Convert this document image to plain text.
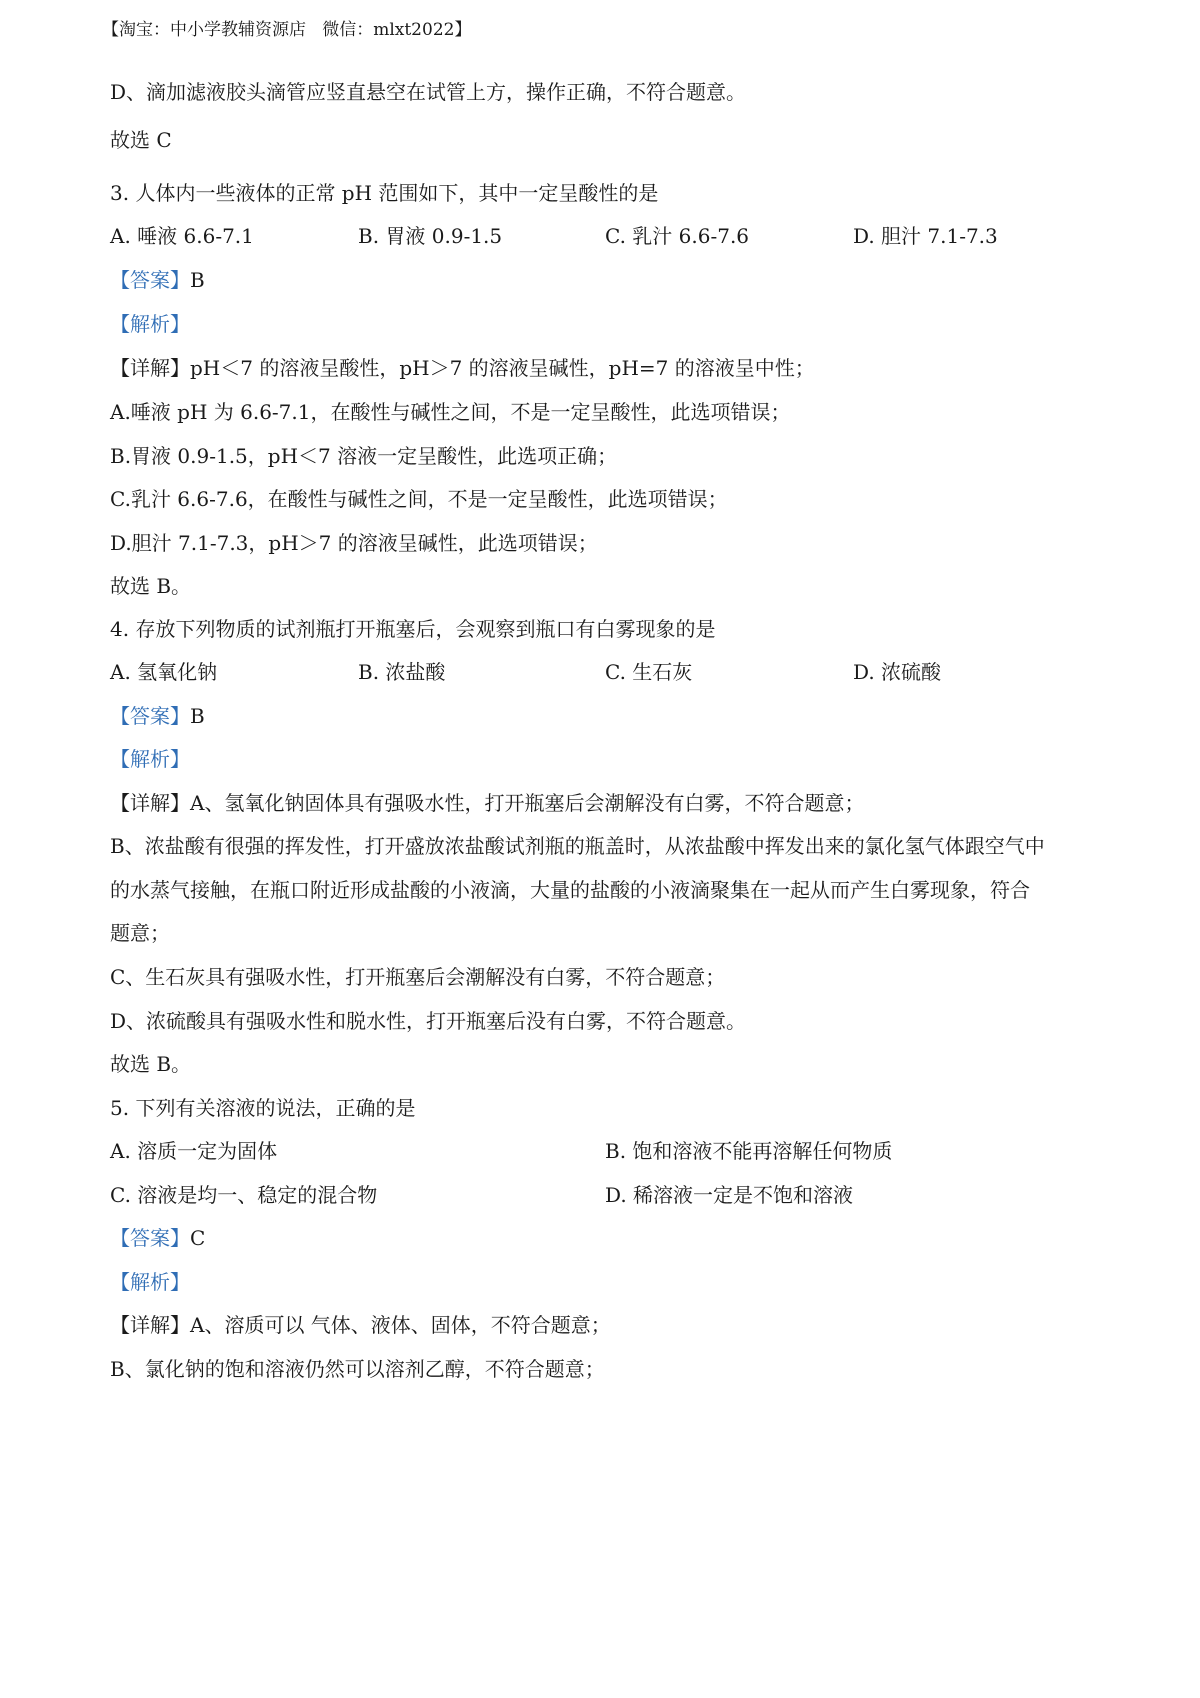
【淘宝：中小学教辅资源店   微信：mlxt2022】
D、滴加滤液胶头滴管应竖直悬空在试管上方，操作正确，不符合题意。
故选 C
3. 人体内一些液体的正常 pH 范围如下，其中一定呈酸性的是
A. 唾液 6.6-7.1	B. 胃液 0.9-1.5	C. 乳汁 6.6-7.6	D. 胆汁 7.1-7.3
【答案】B
【解析】
【详解】pH＜7 的溶液呈酸性，pH＞7 的溶液呈碱性，pH=7 的溶液呈中性；
A.唾液 pH 为 6.6-7.1，在酸性与碱性之间，不是一定呈酸性，此选项错误；
B.胃液 0.9-1.5，pH＜7 溶液一定呈酸性，此选项正确；
C.乳汁 6.6-7.6，在酸性与碱性之间，不是一定呈酸性，此选项错误；
D.胆汁 7.1-7.3，pH＞7 的溶液呈碱性，此选项错误；
故选 B。
4. 存放下列物质的试剂瓶打开瓶塞后，会观察到瓶口有白雾现象的是
A. 氢氧化钠	B. 浓盐酸	C. 生石灰	D. 浓硫酸
【答案】B
【解析】
【详解】A、氢氧化钠固体具有强吸水性，打开瓶塞后会潮解没有白雾，不符合题意；
B、浓盐酸有很强的挥发性，打开盛放浓盐酸试剂瓶的瓶盖时，从浓盐酸中挥发出来的氯化氢气体跟空气中
的水蒸气接触，在瓶口附近形成盐酸的小液滴，大量的盐酸的小液滴聚集在一起从而产生白雾现象，符合
题意；
C、生石灰具有强吸水性，打开瓶塞后会潮解没有白雾，不符合题意；
D、浓硫酸具有强吸水性和脱水性，打开瓶塞后没有白雾，不符合题意。
故选 B。
5. 下列有关溶液的说法，正确的是
A. 溶质一定为固体	B. 饱和溶液不能再溶解任何物质
C. 溶液是均一、稳定的混合物	D. 稀溶液一定是不饱和溶液
【答案】C
【解析】
【详解】A、溶质可以 气体、液体、固体，不符合题意；
B、氯化钠的饱和溶液仍然可以溶剂乙醇，不符合题意；
